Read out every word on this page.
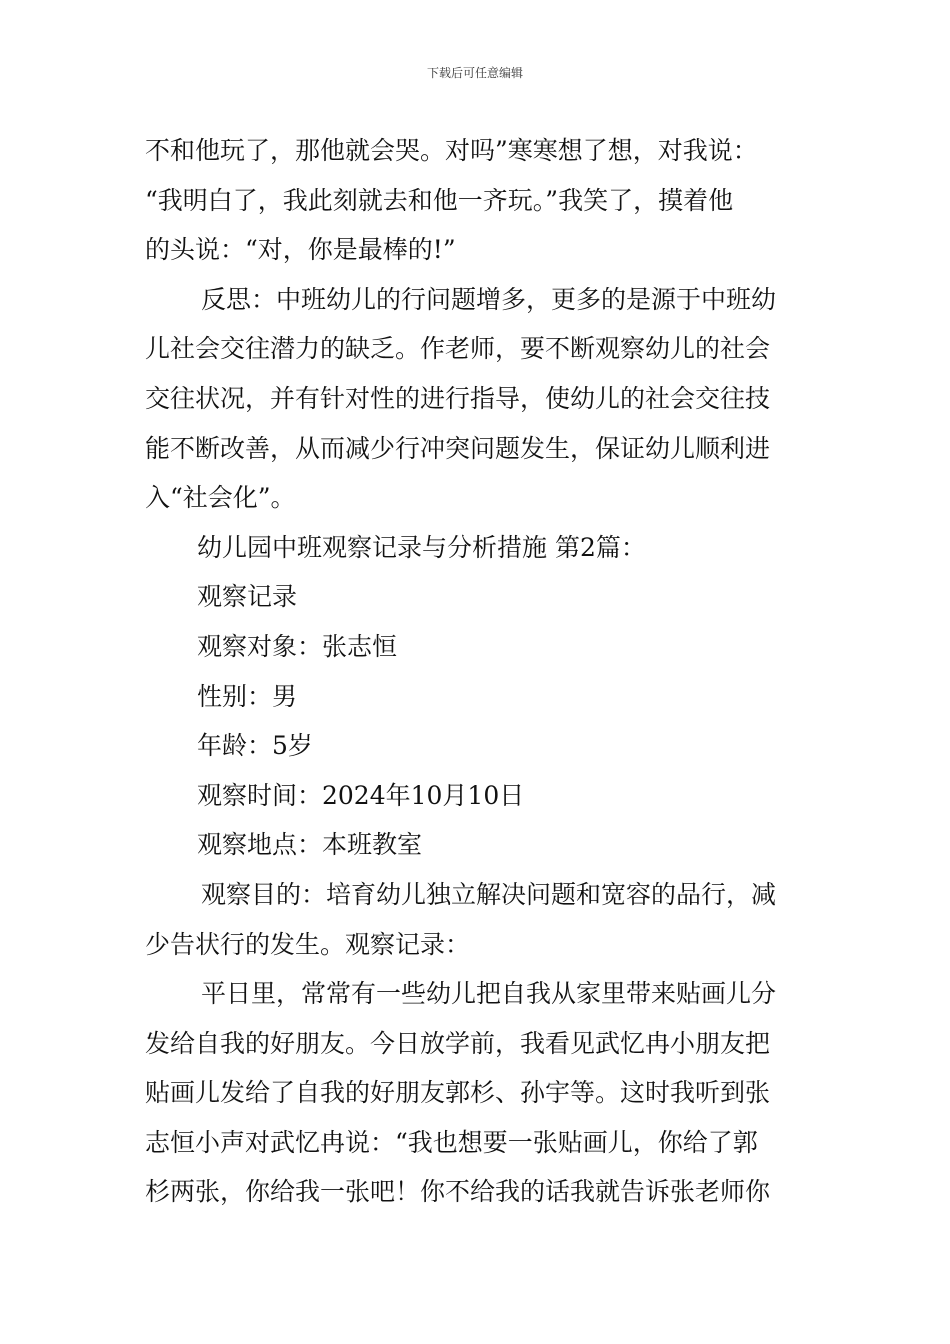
下载后可任意编辑
不和他玩了，那他就会哭。对吗”寒寒想了想，对我说：
“我明白了，我此刻就去和他一齐玩。”我笑了，摸着他
的头说：“对，你是最棒的!”
反思：中班幼儿的行问题增多，更多的是源于中班幼
儿社会交往潜力的缺乏。作老师，要不断观察幼儿的社会
交往状况，并有针对性的进行指导，使幼儿的社会交往技
能不断改善，从而减少行冲突问题发生，保证幼儿顺利进
入“社会化”。
幼儿园中班观察记录与分析措施 第2篇：
观察记录
观察对象：张志恒
性别：男
年龄：5岁
观察时间：2024年10月10日
观察地点：本班教室
观察目的：培育幼儿独立解决问题和宽容的品行，减
少告状行的发生。观察记录：
平日里，常常有一些幼儿把自我从家里带来贴画儿分
发给自我的好朋友。今日放学前，我看见武忆冉小朋友把
贴画儿发给了自我的好朋友郭杉、孙宇等。这时我听到张
志恒小声对武忆冉说：“我也想要一张贴画儿，你给了郭
杉两张，你给我一张吧！你不给我的话我就告诉张老师你
